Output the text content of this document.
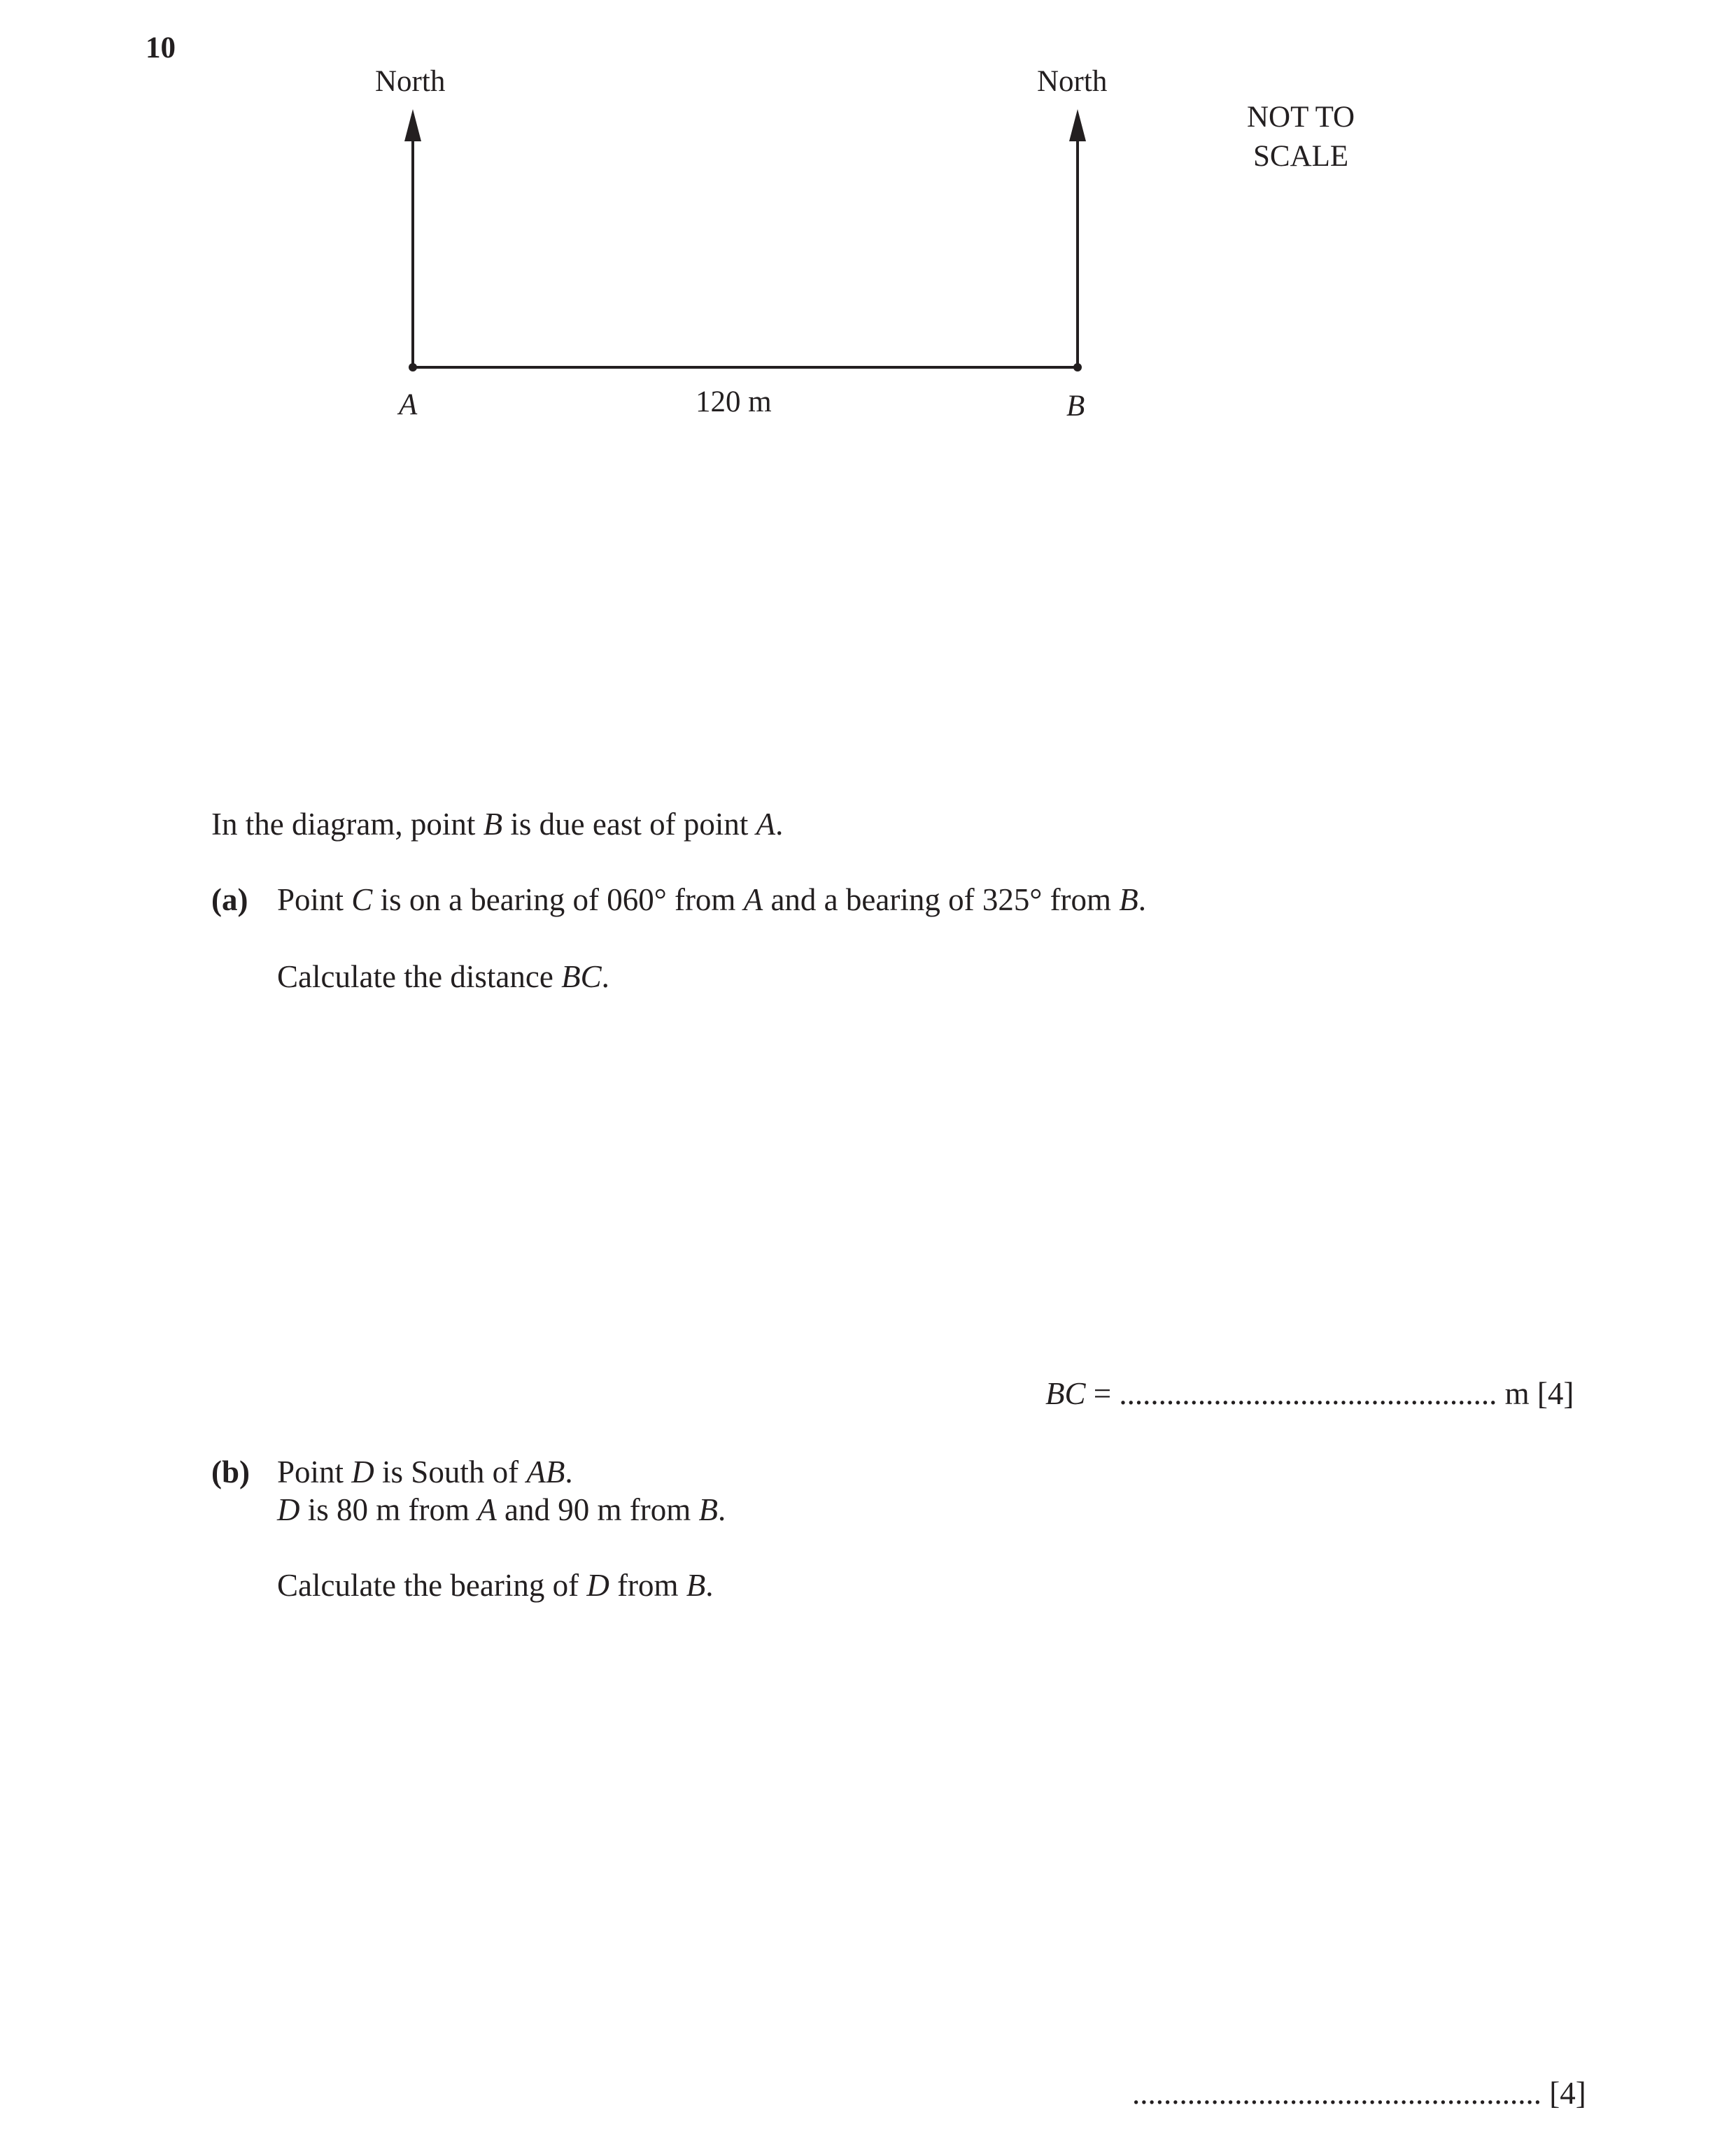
10
North	North
NOT TO
SCALE
A	B
120 m
In the diagram, point B is due east of point A.
(a) Point C is on a bearing of 060° from A and a bearing of 325° from B.
Calculate the distance BC.
BC = ................................................ m [4]
(b) Point D is South of AB.
D is 80 m from A and 90 m from B.
Calculate the bearing of D from B.
.................................................... [4]
